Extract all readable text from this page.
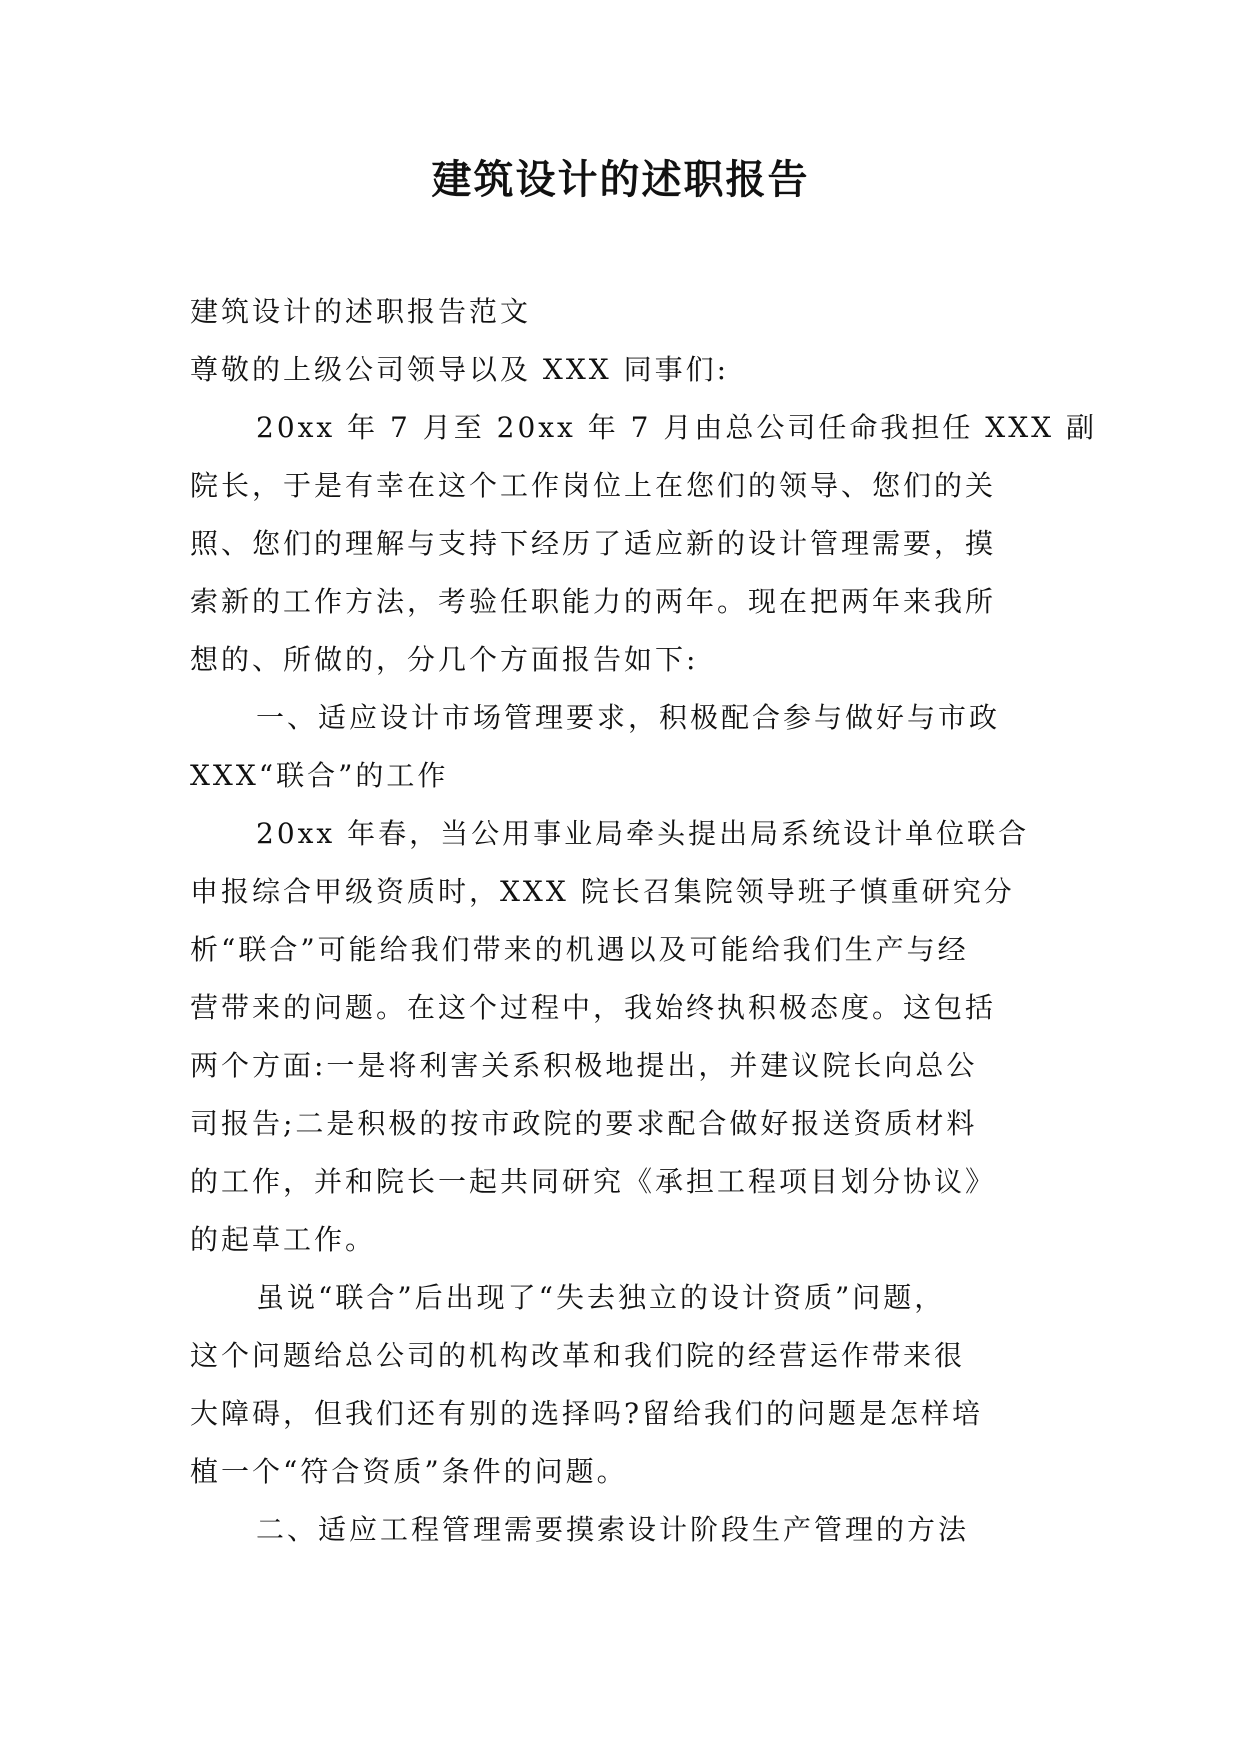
建筑设计的述职报告
建筑设计的述职报告范文
尊敬的上级公司领导以及 XXX 同事们:
20xx 年 7 月至 20xx 年 7 月由总公司任命我担任 XXX 副
院长，于是有幸在这个工作岗位上在您们的领导、您们的关
照、您们的理解与支持下经历了适应新的设计管理需要，摸
索新的工作方法，考验任职能力的两年。现在把两年来我所
想的、所做的，分几个方面报告如下:
一、适应设计市场管理要求，积极配合参与做好与市政
XXX“联合”的工作
20xx 年春，当公用事业局牵头提出局系统设计单位联合
申报综合甲级资质时，XXX 院长召集院领导班子慎重研究分
析“联合”可能给我们带来的机遇以及可能给我们生产与经
营带来的问题。在这个过程中，我始终执积极态度。这包括
两个方面:一是将利害关系积极地提出，并建议院长向总公
司报告;二是积极的按市政院的要求配合做好报送资质材料
的工作，并和院长一起共同研究《承担工程项目划分协议》
的起草工作。
虽说“联合”后出现了“失去独立的设计资质”问题，
这个问题给总公司的机构改革和我们院的经营运作带来很
大障碍，但我们还有别的选择吗?留给我们的问题是怎样培
植一个“符合资质”条件的问题。
二、适应工程管理需要摸索设计阶段生产管理的方法
